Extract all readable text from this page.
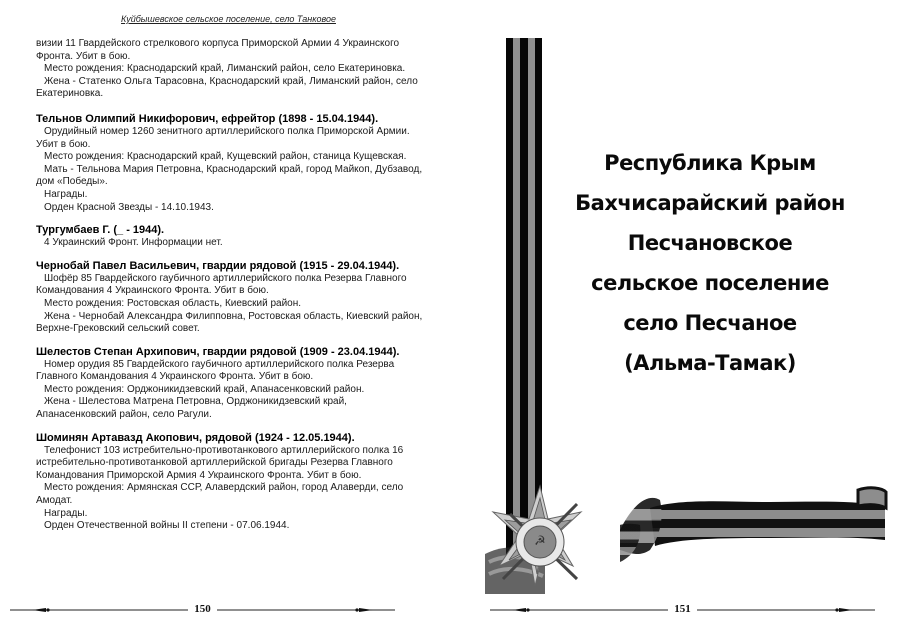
Куйбышевское сельское поселение, село Танковое

визии 11 Гвардейского стрелкового корпуса Приморской Армии 4 Украинского Фронта. Убит в бою.

Место рождения: Краснодарский край, Лиманский район, село Екатериновка.

Жена - Статенко Ольга Тарасовна, Краснодарский край, Лиманский район, село Екатериновка.

Тельнов Олимпий Никифорович, ефрейтор (1898 - 15.04.1944).

Орудийный номер 1260 зенитного артиллерийского полка Приморской Армии. Убит в бою.

Место рождения: Краснодарский край, Кущевский район, станица Кущевская.

Мать - Тельнова Мария Петровна, Краснодарский край, город Майкоп, Дубзавод, дом «Победы».

Награды.

Орден Красной Звезды - 14.10.1943.

Тургумбаев Г. (_ - 1944).

4 Украинский Фронт. Информации нет.

Чернобай Павел Васильевич, гвардии рядовой (1915 - 29.04.1944).

Шофёр 85 Гвардейского гаубичного артиллерийского полка Резерва Главного Командования 4 Украинского Фронта. Убит в бою.

Место рождения: Ростовская область, Киевский район.

Жена - Чернобай Александра Филипповна, Ростовская область, Киевский район, Верхне-Грековский сельский совет.

Шелестов Степан Архипович, гвардии рядовой (1909 - 23.04.1944).

Номер орудия 85 Гвардейского гаубичного артиллерийского полка Резерва Главного Командования 4 Украинского Фронта. Убит в бою.

Место рождения: Орджоникидзевский край, Апанасенковский район.

Жена - Шелестова Матрена Петровна, Орджоникидзевский край, Апанасенковский район, село Рагули.

Шоминян Артавазд Акопович, рядовой (1924 - 12.05.1944).

Телефонист 103 истребительно-противотанкового артиллерийского полка 16 истребительно-противотанковой артиллерийской бригады Резерва Главного Командования Приморской Армия 4 Украинского Фронта. Убит в бою.

Место рождения: Армянская ССР, Алавердский район, город Алаверди, село Амодат.

Награды.

Орден Отечественной войны II степени - 07.06.1944.

150
Республика Крым
Бахчисарайский район
Песчановское
сельское поселение
село Песчаное
(Альма-Тамак)
☭
151
